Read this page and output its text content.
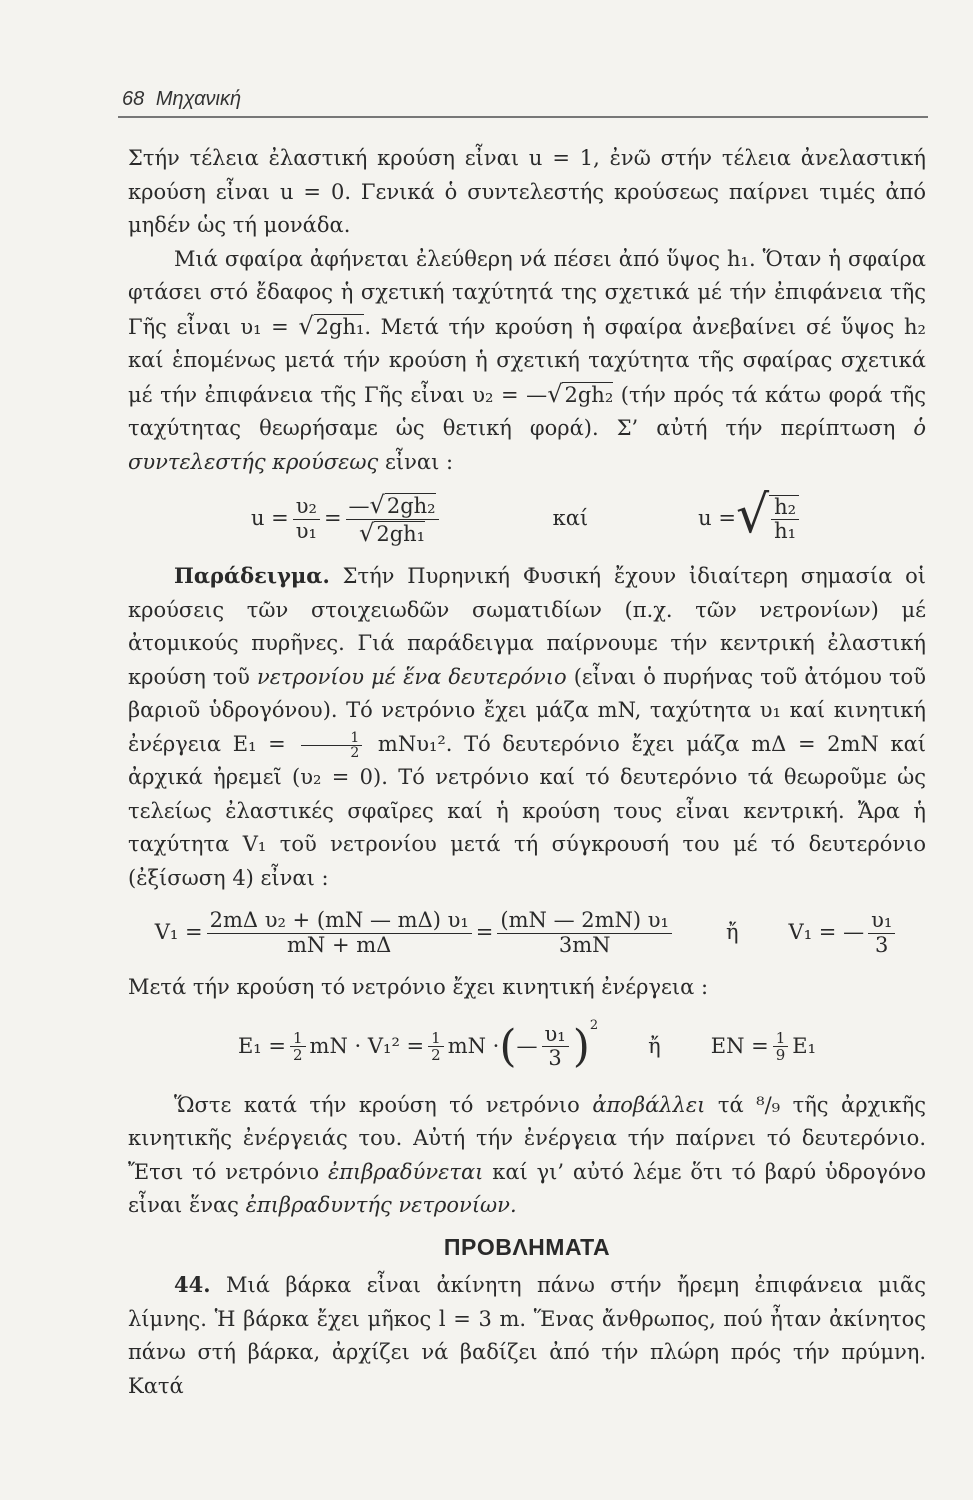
68 Μηχανική

Στήν τέλεια ἐλαστική κρούση εἶναι u = 1, ἐνῶ στήν τέλεια ἀνελαστική κρούση εἶναι u = 0. Γενικά ὁ συντελεστής κρούσεως παίρνει τιμές ἀπό μηδέν ὡς τή μονάδα.

Μιά σφαίρα ἀφήνεται ἐλεύθερη νά πέσει ἀπό ὕψος h₁. Ὅταν ἡ σφαίρα φτάσει στό ἔδαφος ἡ σχετική ταχύτητά της σχετικά μέ τήν ἐπιφάνεια τῆς Γῆς εἶναι υ₁ = √2gh₁. Μετά τήν κρούση ἡ σφαίρα ἀνεβαίνει σέ ὕψος h₂ καί ἑπομένως μετά τήν κρούση ἡ σχετική ταχύτητα τῆς σφαίρας σχετικά μέ τήν ἐπιφάνεια τῆς Γῆς εἶναι υ₂ = —√2gh₂ (τήν πρός τά κάτω φορά τῆς ταχύτητας θεωρήσαμε ὡς θετική φορά). Σ’ αὐτή τήν περίπτωση ὁ συντελεστής κρούσεως εἶναι :

$u = \frac{\text{υ₂}}{\text{υ₁}} = \frac{\text{—√2gh₂}}{\text{√2gh₁}}$	καί	u = √ $\frac{\text{h₂}}{\text{h₁}}$

Παράδειγμα. Στήν Πυρηνική Φυσική ἔχουν ἰδιαίτερη σημασία οἱ κρούσεις τῶν στοιχειωδῶν σωματιδίων (π.χ. τῶν νετρονίων) μέ ἀτομικούς πυρῆνες. Γιά παράδειγμα παίρνουμε τήν κεντρική ἐλαστική κρούση τοῦ νετρονίου μέ ἕνα δευτερόνιο (εἶναι ὁ πυρήνας τοῦ ἀτόμου τοῦ βαριοῦ ὑδρογόνου). Τό νετρόνιο ἔχει μάζα mN, ταχύτητα υ₁ καί κινητική ἐνέργεια $E_1 = \frac{1}{2} mN\upsilon_1^2$. Τό δευτερόνιο ἔχει μάζα mΔ = 2mN καί ἀρχικά ἠρεμεῖ (υ₂ = 0). Τό νετρόνιο καί τό δευτερόνιο τά θεωροῦμε ὡς τελείως ἐλαστικές σφαῖρες καί ἡ κρούση τους εἶναι κεντρική. Ἄρα ἡ ταχύτητα V₁ τοῦ νετρονίου μετά τή σύγκρουσή του μέ τό δευτερόνιο (ἐξίσωση 4) εἶναι :

$V_1 = \frac{\text{2mΔ υ₂ + (mN — mΔ) υ₁}}{mN + m\Delta} = \frac{\text{(mN — 2mN) υ₁}}{3mN}$	ἤ V₁ = — $\frac{\text{υ₁}}{3}$

Μετά τήν κρούση τό νετρόνιο ἔχει κινητική ἐνέργεια :

$E_1 = \frac{1}{2}$ mN · $V_1^2 = \frac{1}{2}$ mN · ( — $\frac{\text{υ₁}}{3} )^2$
ἤ EN = $\frac{1}{9} E_1$

Ὥστε κατά τήν κρούση τό νετρόνιο ἀποβάλλει τά ⁸/₉ τῆς ἀρχικῆς κινητικῆς ἐνέργειάς του. Αὐτή τήν ἐνέργεια τήν παίρνει τό δευτερόνιο. Ἔτσι τό νετρόνιο ἐπιβραδύνεται καί γι’ αὐτό λέμε ὅτι τό βαρύ ὑδρογόνο εἶναι ἕνας ἐπιβραδυντής νετρονίων.

ΠΡΟΒΛΗΜΑΤΑ

44. Μιά βάρκα εἶναι ἀκίνητη πάνω στήν ἤρεμη ἐπιφάνεια μιᾶς λίμνης. Ἡ βάρκα ἔχει μῆκος l = 3 m. Ἕνας ἄνθρωπος, πού ἦταν ἀκίνητος πάνω στή βάρκα, ἀρχίζει νά βαδίζει ἀπό τήν πλώρη πρός τήν πρύμνη. Κατά
